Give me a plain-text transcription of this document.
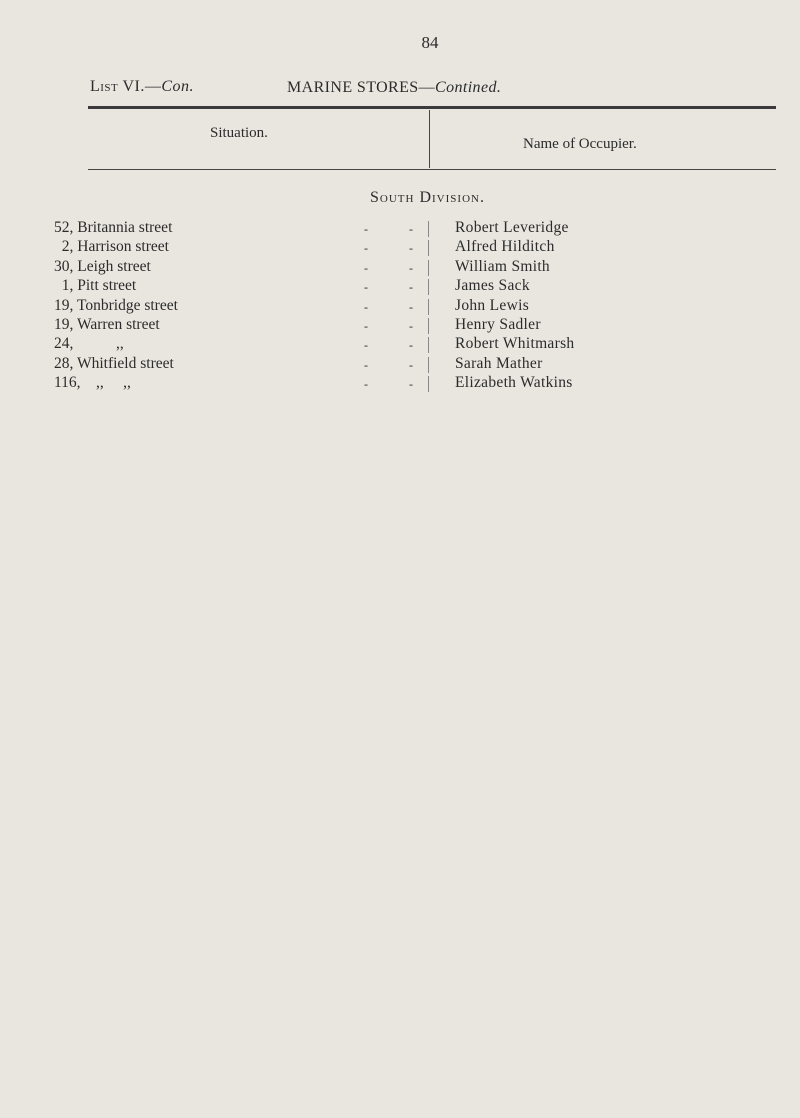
84
List VI.—Con.	MARINE STORES—Contined.
Situation.
Name of Occupier.
South Division.
52, Britannia street	-	-	Robert Leveridge
2, Harrison street	-	-	Alfred Hilditch
30, Leigh street	-	-	William Smith
1, Pitt street	-	-	James Sack
19, Tonbridge street	-	-	John Lewis
19, Warren street	-	-	Henry Sadler
24,           ,,	-	-	Robert Whitmarsh
28, Whitfield street	-	-	Sarah Mather
116,    ,,     ,,	-	-	Elizabeth Watkins
